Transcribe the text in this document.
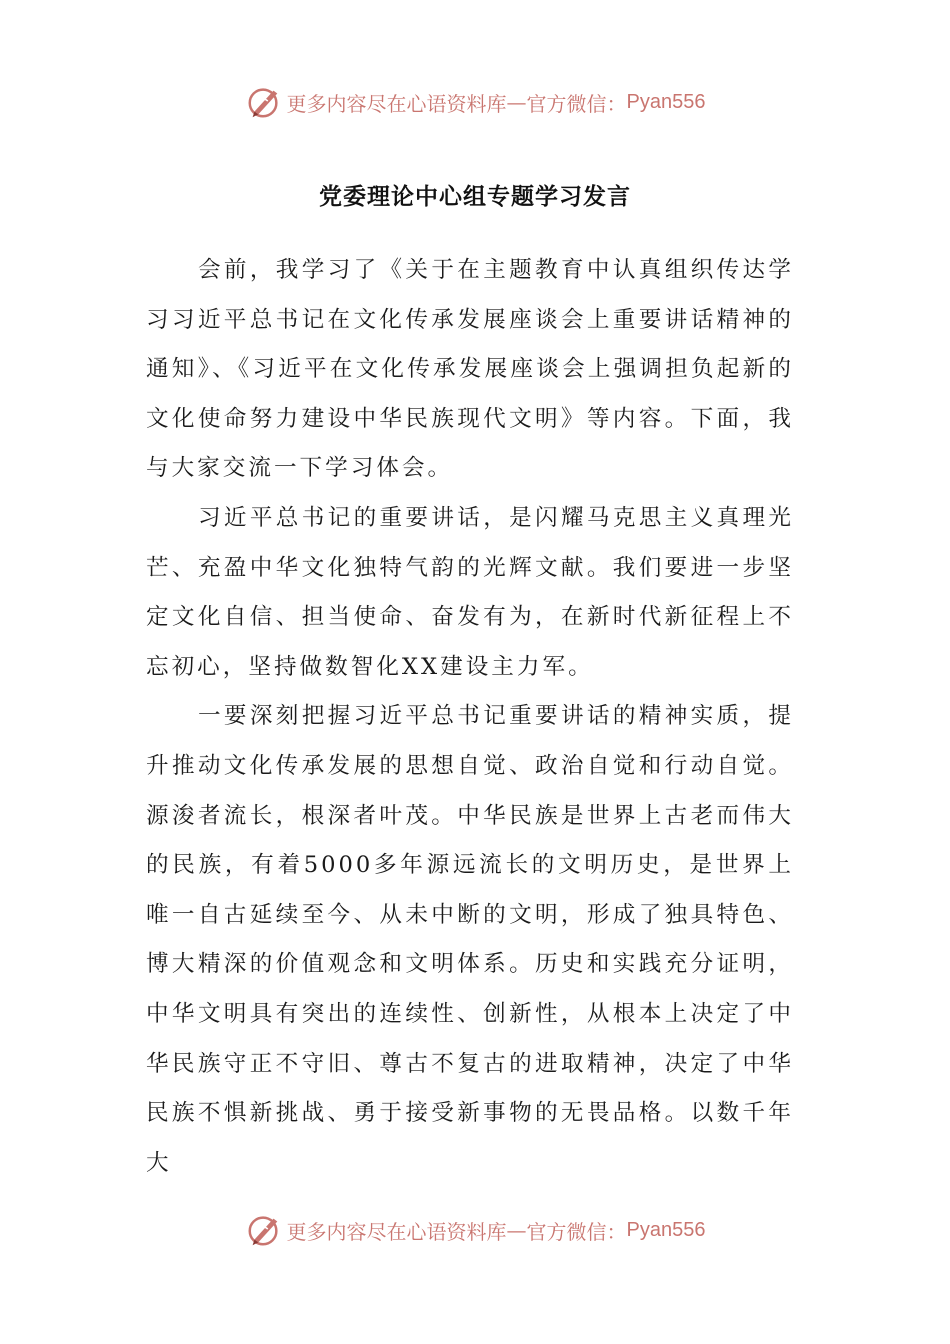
更多内容尽在心语资料库 — 官方微信： Pyan556
党委理论中心组专题学习发言

会前，我学习了《关于在主题教育中认真组织传达学习习近平总书记在文化传承发展座谈会上重要讲话精神的通知》、《习近平在文化传承发展座谈会上强调担负起新的文化使命努力建设中华民族现代文明》等内容。下面，我与大家交流一下学习体会。

习近平总书记的重要讲话，是闪耀马克思主义真理光芒、充盈中华文化独特气韵的光辉文献。我们要进一步坚定文化自信、担当使命、奋发有为，在新时代新征程上不忘初心，坚持做数智化XX建设主力军。

一要深刻把握习近平总书记重要讲话的精神实质，提升推动文化传承发展的思想自觉、政治自觉和行动自觉。源浚者流长，根深者叶茂。中华民族是世界上古老而伟大的民族，有着5000多年源远流长的文明历史，是世界上唯一自古延续至今、从未中断的文明，形成了独具特色、博大精深的价值观念和文明体系。历史和实践充分证明，中华文明具有突出的连续性、创新性，从根本上决定了中华民族守正不守旧、尊古不复古的进取精神，决定了中华民族不惧新挑战、勇于接受新事物的无畏品格。以数千年大

更多内容尽在心语资料库 — 官方微信： Pyan556
